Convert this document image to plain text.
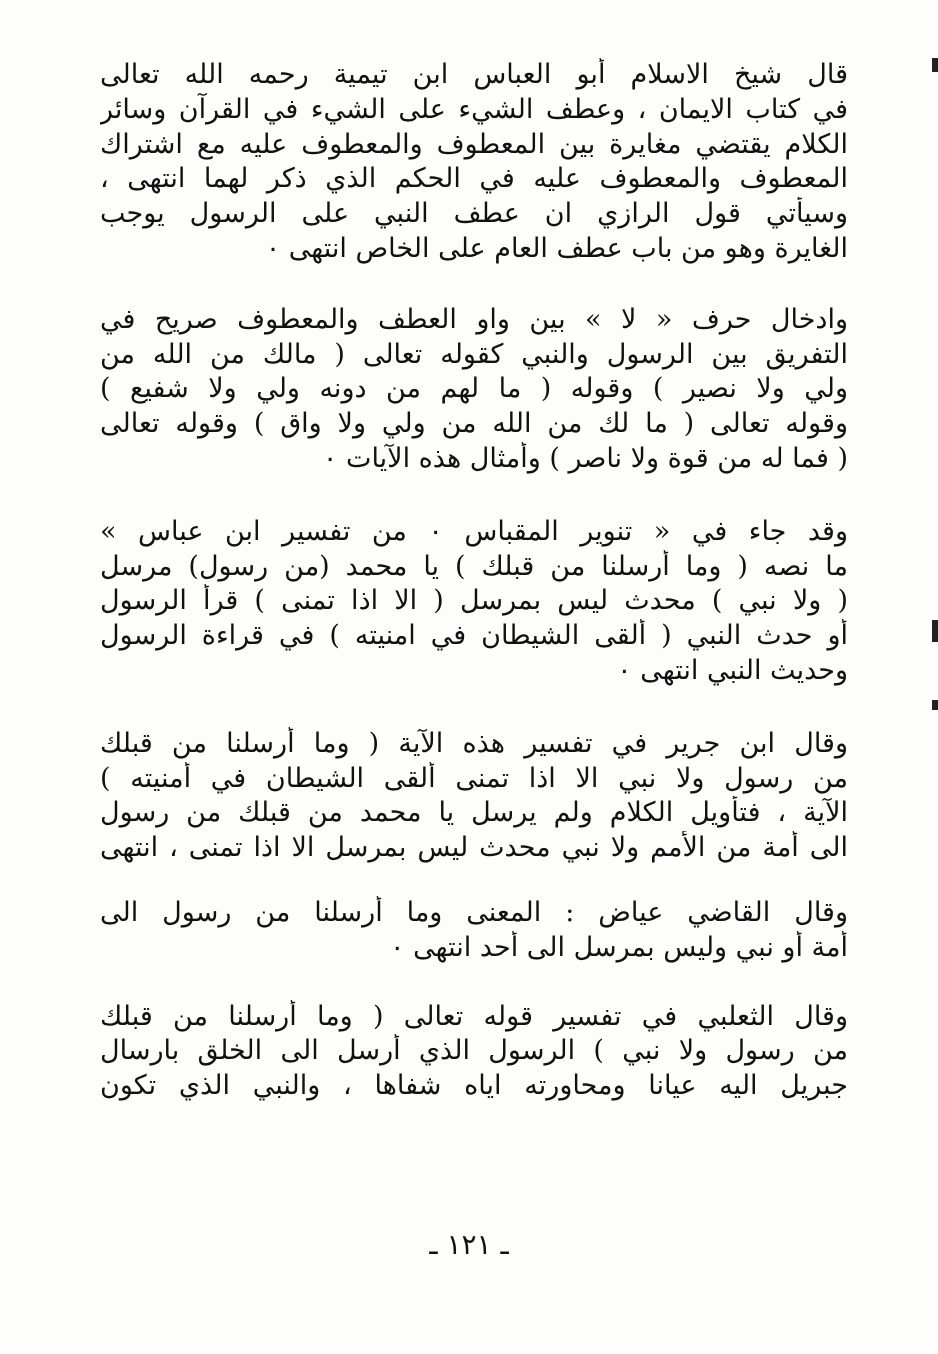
قال شيخ الاسلام أبو العباس ابن تيمية رحمه الله تعالى
في كتاب الايمان ، وعطف الشيء على الشيء في القرآن وسائر
الكلام يقتضي مغايرة بين المعطوف والمعطوف عليه مع اشتراك
المعطوف والمعطوف عليه في الحكم الذي ذكر لهما انتهى ،
وسيأتي قول الرازي ان عطف النبي على الرسول يوجب
الغايرة وهو من باب عطف العام على الخاص انتهى ٠

وادخال حرف « لا » بين واو العطف والمعطوف صريح في
التفريق بين الرسول والنبي كقوله تعالى ( مالك من الله من
ولي ولا نصير ) وقوله ( ما لهم من دونه ولي ولا شفيع )
وقوله تعالى ( ما لك من الله من ولي ولا واق ) وقوله تعالى
( فما له من قوة ولا ناصر ) وأمثال هذه الآيات ٠

وقد جاء في « تنوير المقباس ٠ من تفسير ابن عباس »
ما نصه ( وما أرسلنا من قبلك ) يا محمد (من رسول) مرسل
( ولا نبي ) محدث ليس بمرسل ( الا اذا تمنى ) قرأ الرسول
أو حدث النبي ( ألقى الشيطان في امنيته ) في قراءة الرسول
وحديث النبي انتهى ٠

وقال ابن جرير في تفسير هذه الآية ( وما أرسلنا من قبلك
من رسول ولا نبي الا اذا تمنى ألقى الشيطان في أمنيته )
الآية ، فتأويل الكلام ولم يرسل يا محمد من قبلك من رسول
الى أمة من الأمم ولا نبي محدث ليس بمرسل الا اذا تمنى ، انتهى

وقال القاضي عياض : المعنى وما أرسلنا من رسول الى
أمة أو نبي وليس بمرسل الى أحد انتهى ٠

وقال الثعلبي في تفسير قوله تعالى ( وما أرسلنا من قبلك
من رسول ولا نبي ) الرسول الذي أرسل الى الخلق بارسال
جبريل اليه عيانا ومحاورته اياه شفاها ، والنبي الذي تكون

ـ ١٢١ ـ
